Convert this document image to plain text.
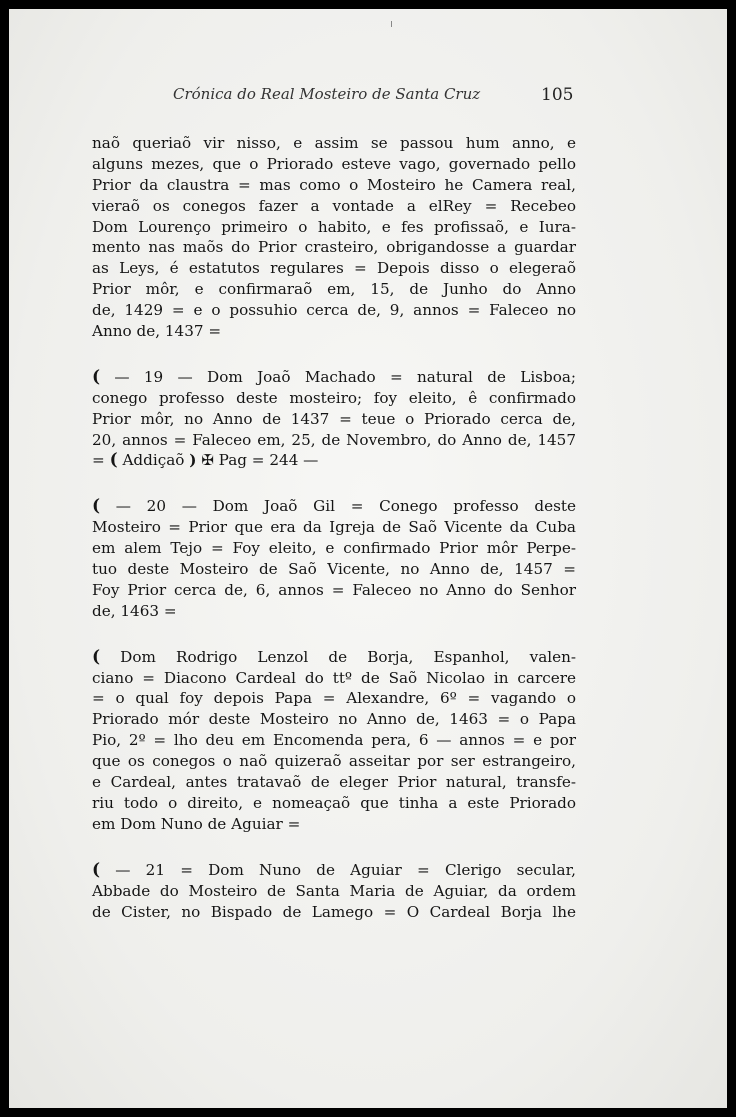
Crónica do Real Mosteiro de Santa Cruz	105

naõ queriaõ vir nisso, e assim se passou hum anno, e
alguns mezes, que o Priorado esteve vago, governado pello
Prior da claustra = mas como o Mosteiro he Camera real,
vieraõ os conegos fazer a vontade a elRey = Recebeo
Dom Lourenço primeiro o habito, e fes profissaõ, e Iura-
mento nas maõs do Prior crasteiro, obrigandosse a guardar
as Leys, é estatutos regulares = Depois disso o elegeraõ
Prior môr, e confirmaraõ em, 15, de Junho do Anno
de, 1429 = e o possuhio cerca de, 9, annos = Faleceo no
Anno de, 1437 =

( — 19 — Dom Joaõ Machado = natural de Lisboa;
conego professo deste mosteiro; foy eleito, ê confirmado
Prior môr, no Anno de 1437 = teue o Priorado cerca de,
20, annos = Faleceo em, 25, de Novembro, do Anno de, 1457
= ( Addiçaõ ) ✠ Pag = 244 —

( — 20 — Dom Joaõ Gil = Conego professo deste
Mosteiro = Prior que era da Igreja de Saõ Vicente da Cuba
em alem Tejo = Foy eleito, e confirmado Prior môr Perpe-
tuo deste Mosteiro de Saõ Vicente, no Anno de, 1457 =
Foy Prior cerca de, 6, annos = Faleceo no Anno do Senhor
de, 1463 =

( Dom Rodrigo Lenzol de Borja, Espanhol, valen-
ciano = Diacono Cardeal do ttº de Saõ Nicolao in carcere
= o qual foy depois Papa = Alexandre, 6º = vagando o
Priorado mór deste Mosteiro no Anno de, 1463 = o Papa
Pio, 2º = lho deu em Encomenda pera, 6 — annos = e por
que os conegos o naõ quizeraõ asseitar por ser estrangeiro,
e Cardeal, antes tratavaõ de eleger Prior natural, transfe-
riu todo o direito, e nomeaçaõ que tinha a este Priorado
em Dom Nuno de Aguiar =

( — 21 = Dom Nuno de Aguiar = Clerigo secular,
Abbade do Mosteiro de Santa Maria de Aguiar, da ordem
de Cister, no Bispado de Lamego = O Cardeal Borja lhe
